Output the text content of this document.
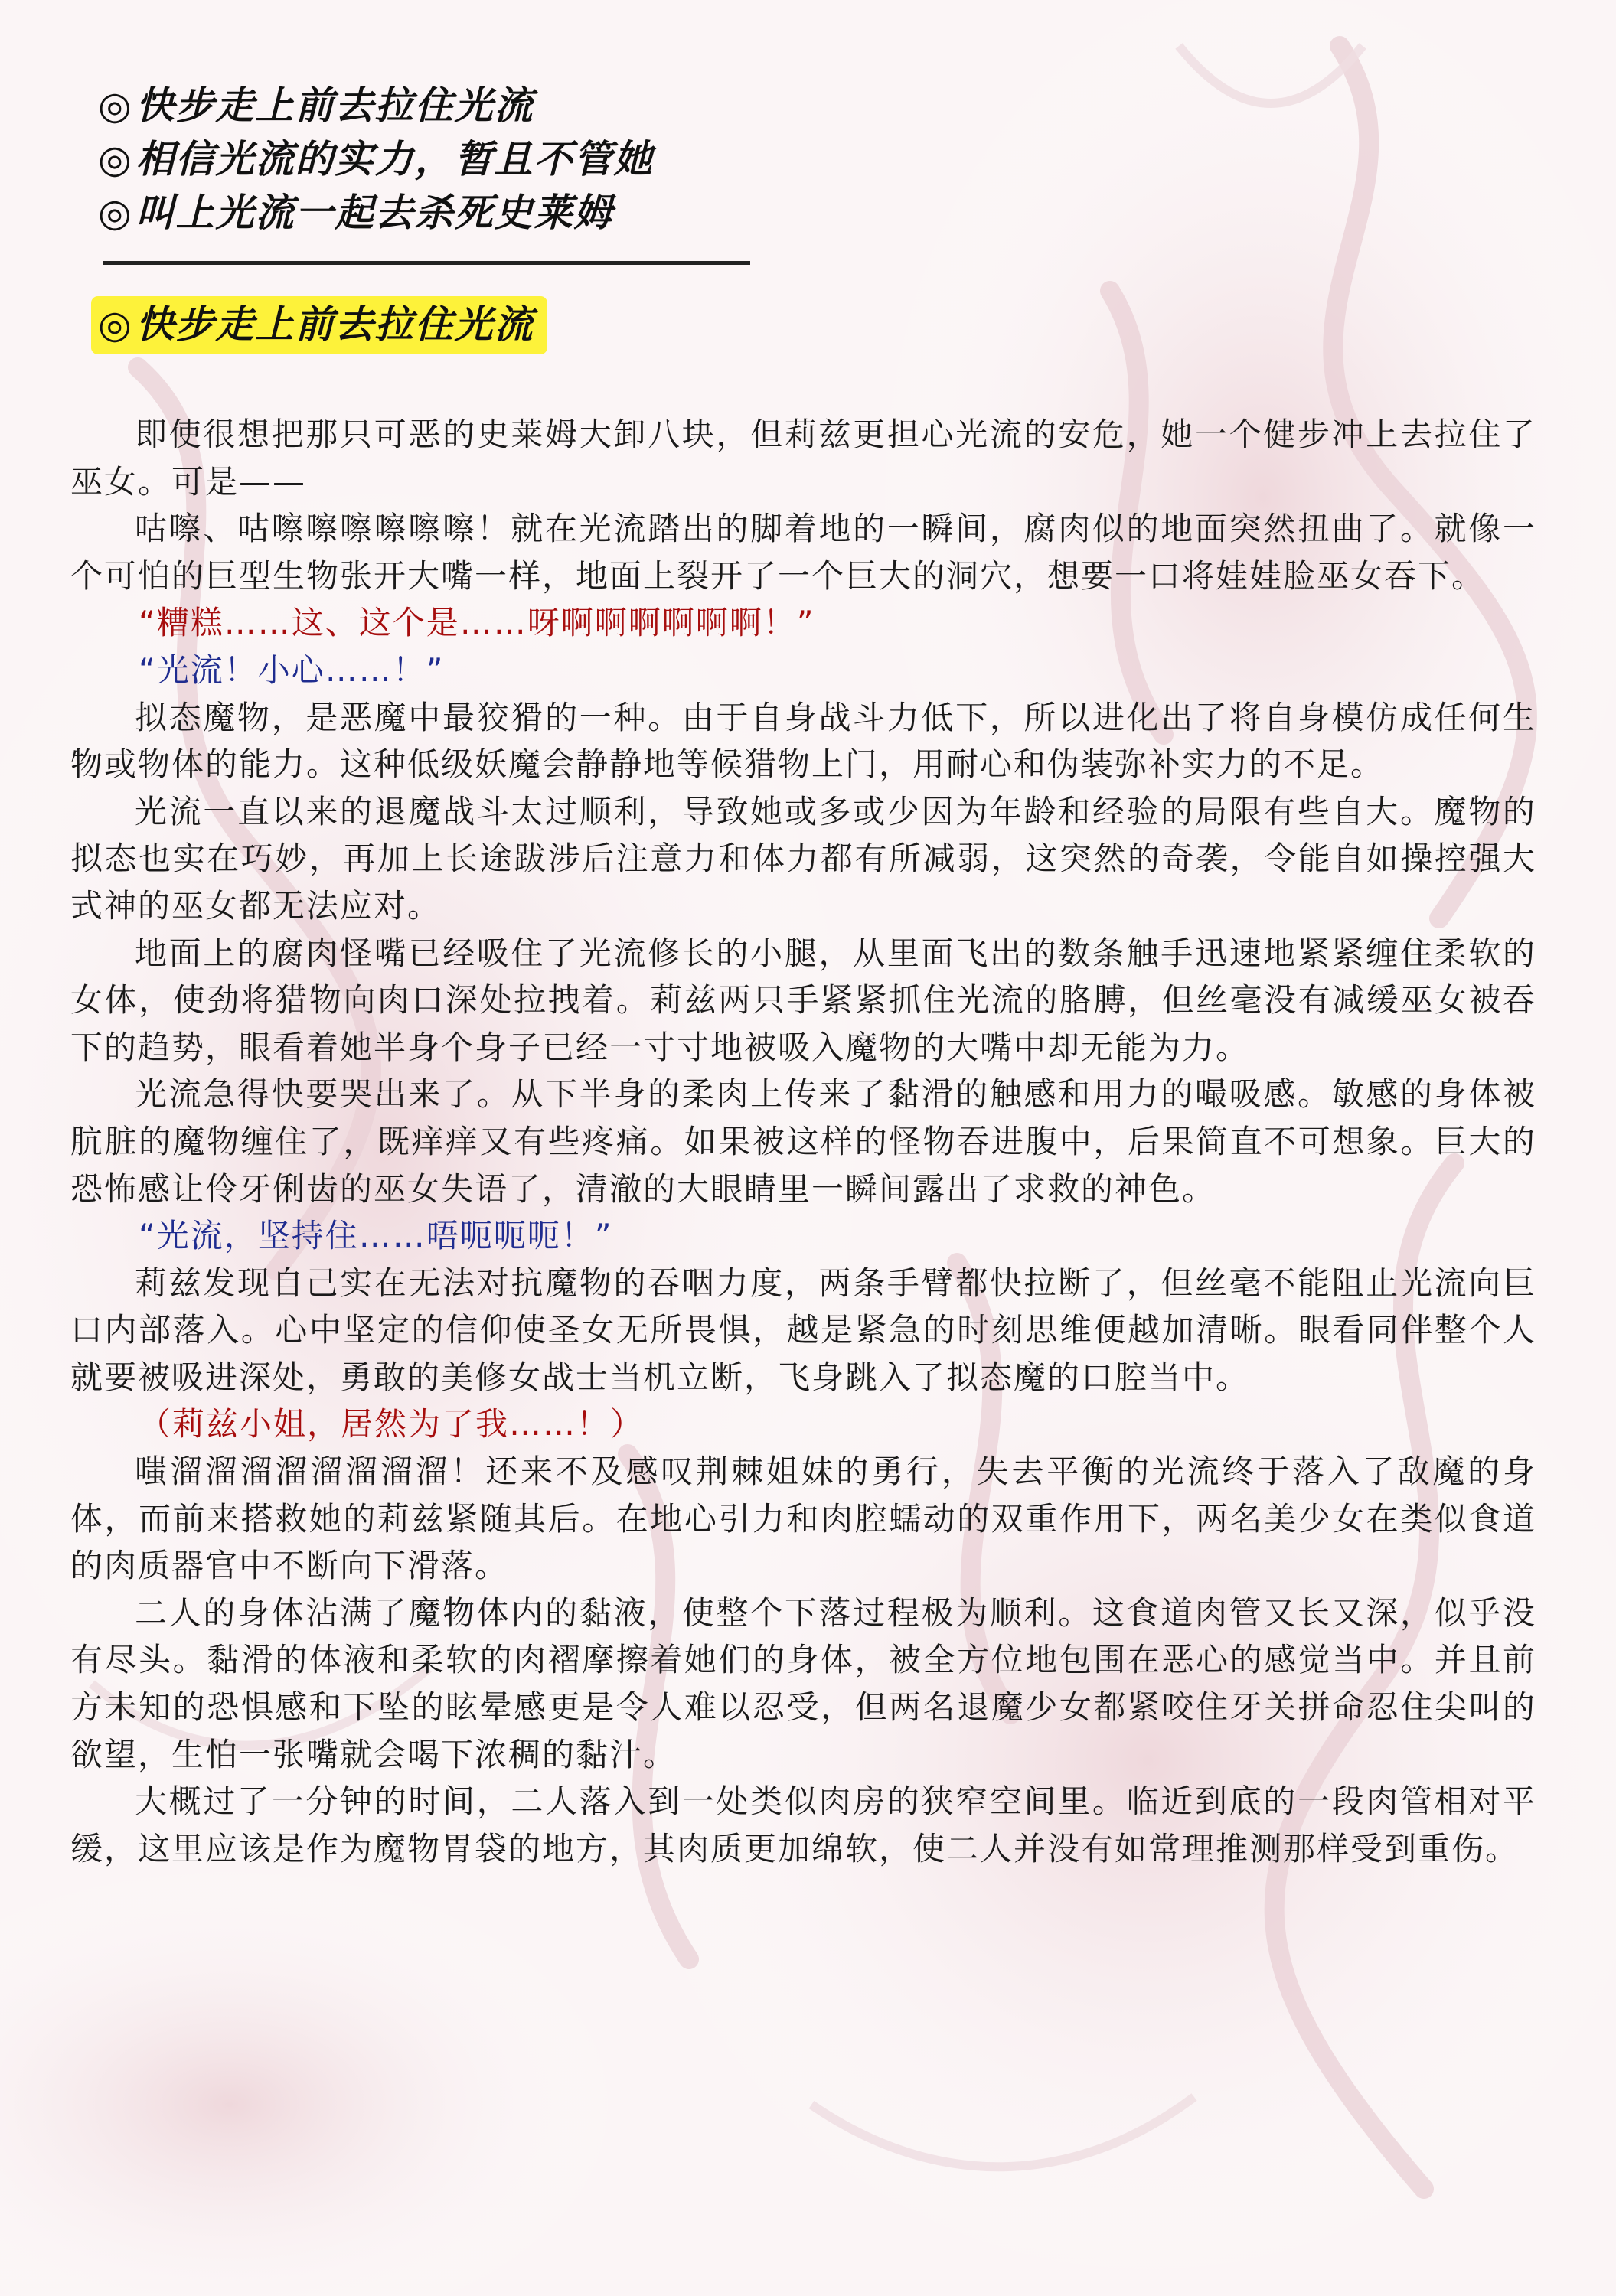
◎快步走上前去拉住光流
◎相信光流的实力，暂且不管她
◎叫上光流一起去杀死史莱姆
◎快步走上前去拉住光流

即使很想把那只可恶的史莱姆大卸八块，但莉兹更担心光流的安危，她一个健步冲上去拉住了巫女。可是——

咕嚓、咕嚓嚓嚓嚓嚓嚓！就在光流踏出的脚着地的一瞬间，腐肉似的地面突然扭曲了。就像一个可怕的巨型生物张开大嘴一样，地面上裂开了一个巨大的洞穴，想要一口将娃娃脸巫女吞下。

“糟糕……这、这个是……呀啊啊啊啊啊啊！”

“光流！小心……！”

拟态魔物，是恶魔中最狡猾的一种。由于自身战斗力低下，所以进化出了将自身模仿成任何生物或物体的能力。这种低级妖魔会静静地等候猎物上门，用耐心和伪装弥补实力的不足。

光流一直以来的退魔战斗太过顺利，导致她或多或少因为年龄和经验的局限有些自大。魔物的拟态也实在巧妙，再加上长途跋涉后注意力和体力都有所减弱，这突然的奇袭，令能自如操控强大式神的巫女都无法应对。

地面上的腐肉怪嘴已经吸住了光流修长的小腿，从里面飞出的数条触手迅速地紧紧缠住柔软的女体，使劲将猎物向肉口深处拉拽着。莉兹两只手紧紧抓住光流的胳膊，但丝毫没有减缓巫女被吞下的趋势，眼看着她半身个身子已经一寸寸地被吸入魔物的大嘴中却无能为力。

光流急得快要哭出来了。从下半身的柔肉上传来了黏滑的触感和用力的嘬吸感。敏感的身体被肮脏的魔物缠住了，既痒痒又有些疼痛。如果被这样的怪物吞进腹中，后果简直不可想象。巨大的恐怖感让伶牙俐齿的巫女失语了，清澈的大眼睛里一瞬间露出了求救的神色。

“光流，坚持住……唔呃呃呃！”

莉兹发现自己实在无法对抗魔物的吞咽力度，两条手臂都快拉断了，但丝毫不能阻止光流向巨口内部落入。心中坚定的信仰使圣女无所畏惧，越是紧急的时刻思维便越加清晰。眼看同伴整个人就要被吸进深处，勇敢的美修女战士当机立断，飞身跳入了拟态魔的口腔当中。

（莉兹小姐，居然为了我……！）

嗤溜溜溜溜溜溜溜溜！还来不及感叹荆棘姐妹的勇行，失去平衡的光流终于落入了敌魔的身体，而前来搭救她的莉兹紧随其后。在地心引力和肉腔蠕动的双重作用下，两名美少女在类似食道的肉质器官中不断向下滑落。

二人的身体沾满了魔物体内的黏液，使整个下落过程极为顺利。这食道肉管又长又深，似乎没有尽头。黏滑的体液和柔软的肉褶摩擦着她们的身体，被全方位地包围在恶心的感觉当中。并且前方未知的恐惧感和下坠的眩晕感更是令人难以忍受，但两名退魔少女都紧咬住牙关拼命忍住尖叫的欲望，生怕一张嘴就会喝下浓稠的黏汁。

大概过了一分钟的时间，二人落入到一处类似肉房的狭窄空间里。临近到底的一段肉管相对平缓，这里应该是作为魔物胃袋的地方，其肉质更加绵软，使二人并没有如常理推测那样受到重伤。
